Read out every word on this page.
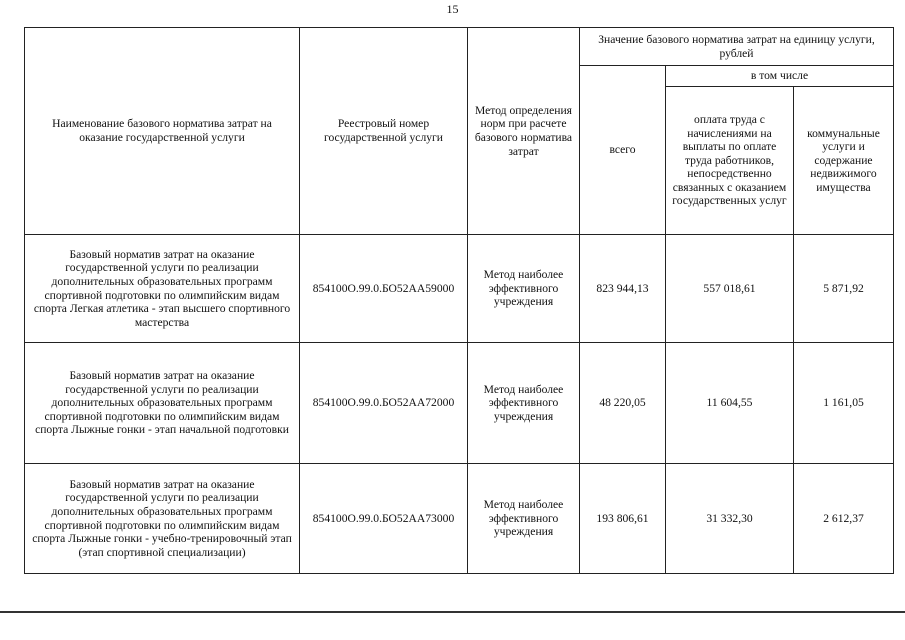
15
Наименование базового норматива затрат на оказание государственной услуги	Реестровый номер государственной услуги	Метод определения норм при расчете базового норматива затрат	Значение базового норматива затрат на единицу услуги, рублей		
			всего	в том числе	
				оплата труда с начислениями на выплаты по оплате труда работников, непосредственно связанных с оказанием государственных услуг	коммунальные услуги и содержание недвижимого имущества
Базовый норматив затрат на оказание государственной услуги по реализации дополнительных образовательных программ спортивной подготовки по олимпийским видам спорта Легкая атлетика - этап высшего спортивного мастерства	854100О.99.0.БО52АА59000	Метод наиболее эффективного учреждения	823 944,13	557 018,61	5 871,92
Базовый норматив затрат на оказание государственной услуги по реализации дополнительных образовательных программ спортивной подготовки по олимпийским видам спорта Лыжные гонки - этап начальной подготовки	854100О.99.0.БО52АА72000	Метод наиболее эффективного учреждения	48 220,05	11 604,55	1 161,05
Базовый норматив затрат на оказание государственной услуги по реализации дополнительных образовательных программ спортивной подготовки по олимпийским видам спорта Лыжные гонки - учебно-тренировочный этап (этап спортивной специализации)	854100О.99.0.БО52АА73000	Метод наиболее эффективного учреждения	193 806,61	31 332,30	2 612,37
